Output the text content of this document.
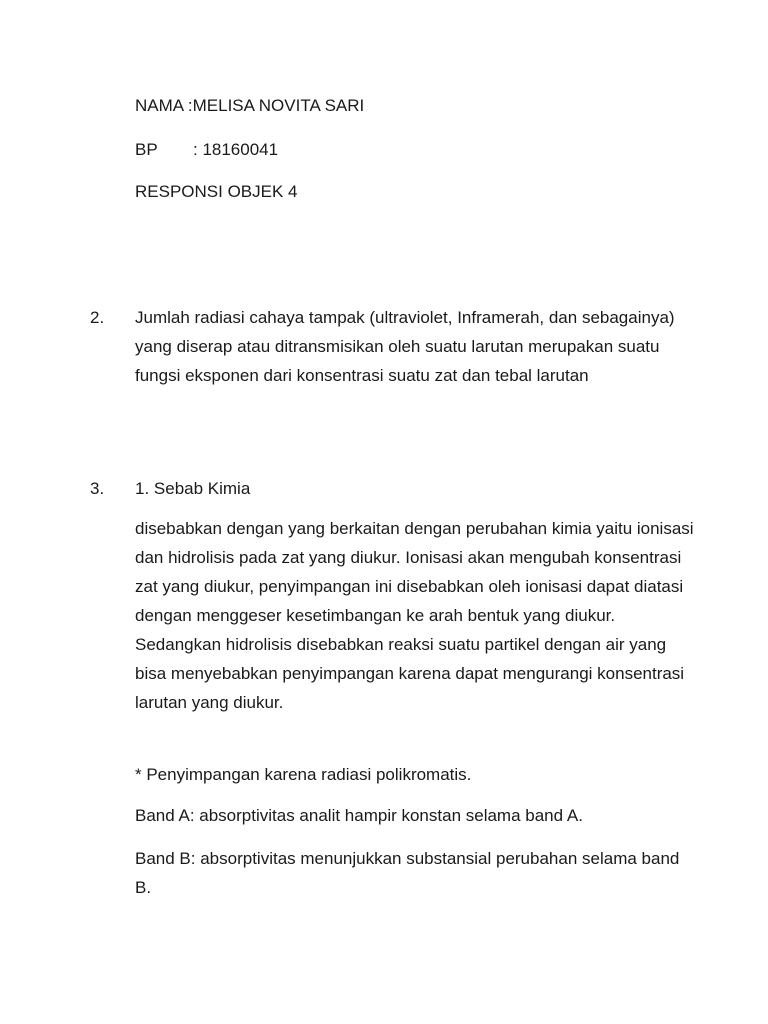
NAMA :MELISA NOVITA SARI
BP : 18160041
RESPONSI OBJEK 4
2. Jumlah radiasi cahaya tampak (ultraviolet, Inframerah, dan sebagainya) yang diserap atau ditransmisikan oleh suatu larutan merupakan suatu fungsi eksponen dari konsentrasi suatu zat dan tebal larutan
3. 1. Sebab Kimia
disebabkan dengan yang berkaitan dengan perubahan kimia yaitu ionisasi dan hidrolisis pada zat yang diukur. Ionisasi akan mengubah konsentrasi zat yang diukur, penyimpangan ini disebabkan oleh ionisasi dapat diatasi dengan menggeser kesetimbangan ke arah bentuk yang diukur. Sedangkan hidrolisis disebabkan reaksi suatu partikel dengan air yang bisa menyebabkan penyimpangan karena dapat mengurangi konsentrasi larutan yang diukur.
* Penyimpangan karena radiasi polikromatis.
Band A: absorptivitas analit hampir konstan selama band A.
Band B: absorptivitas menunjukkan substansial perubahan selama band B.
